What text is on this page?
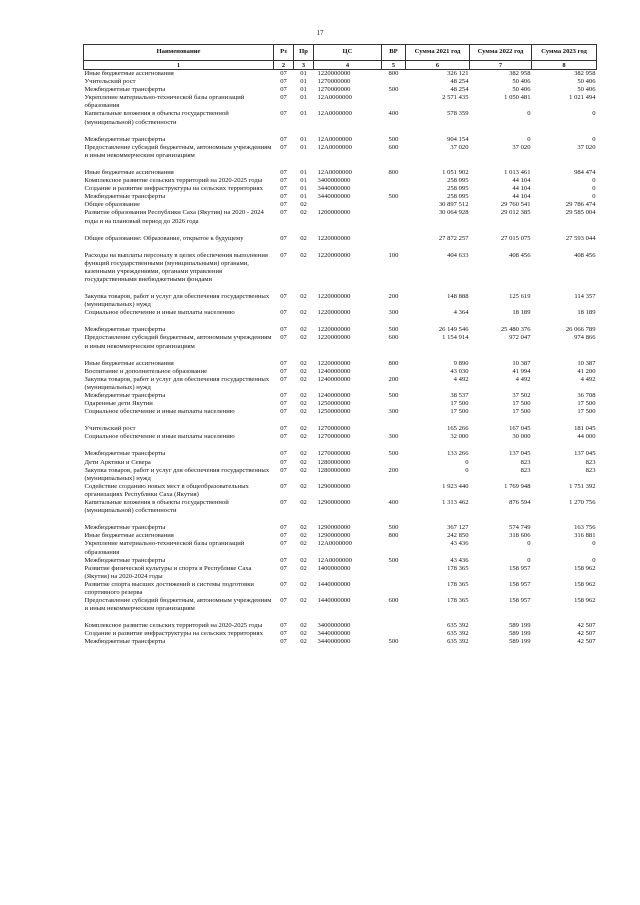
17
Наименование	Рз	Пр	ЦС	ВР	Сумма 2021 год	Сумма 2022 год	Сумма 2023 год
1	2	3	4	5	6	7	8
Иные бюджетные ассигнования	07	01	1220000000	800	326 121	382 958	382 958
Учительский рост	07	01	1270000000		48 254	50 406	50 406
Межбюджетные трансферты	07	01	1270000000	500	48 254	50 406	50 406
Укрепление материально-технической базы организаций образования	07	01	12А0000000		2 571 435	1 050 481	1 021 494
Капитальные вложения в объекты государственной (муниципальной) собственности	07	01	12А0000000	400	578 359	0	0

Межбюджетные трансферты	07	01	12А0000000	500	904 154	0	0
Предоставление субсидий бюджетным, автономным учреждениям и иным некоммерческим организациям	07	01	12А0000000	600	37 020	37 020	37 020

Иные бюджетные ассигнования	07	01	12А0000000	800	1 051 902	1 013 461	984 474
Комплексное развитие сельских территорий на 2020-2025 годы	07	01	3400000000		258 095	44 104	0
Создание и развитие инфраструктуры на сельских территориях	07	01	3440000000		258 095	44 104	0
Межбюджетные трансферты	07	01	3440000000	500	258 095	44 104	0
Общее образование	07	02			30 897 512	29 760 541	29 786 474
Развитие образования Республики Саха (Якутия) на 2020 - 2024 годы и на плановый период до 2026 года	07	02	1200000000		30 064 928	29 012 385	29 585 004

Общее образование: Образование, открытое к будущему	07	02	1220000000		27 872 257	27 015 075	27 593 044

Расходы на выплаты персоналу в целях обеспечения выполнения функций государственными (муниципальными) органами, казенными учреждениями, органами управления государственными внебюджетными фондами	07	02	1220000000	100	404 633	408 456	408 456

Закупка товаров, работ и услуг для обеспечения государственных (муниципальных) нужд	07	02	1220000000	200	148 888	125 619	114 357
Социальное обеспечение и иные выплаты населению	07	02	1220000000	300	4 364	18 189	18 189

Межбюджетные трансферты	07	02	1220000000	500	26 149 546	25 480 376	26 066 789
Предоставление субсидий бюджетным, автономным учреждениям и иным некоммерческим организациям	07	02	1220000000	600	1 154 914	972 047	974 866

Иные бюджетные ассигнования	07	02	1220000000	800	9 890	10 387	10 387
Воспитание и дополнительное образование	07	02	1240000000		43 030	41 994	41 200
Закупка товаров, работ и услуг для обеспечения государственных (муниципальных) нужд	07	02	1240000000	200	4 492	4 492	4 492
Межбюджетные трансферты	07	02	1240000000	500	38 537	37 502	36 708
Одаренные дети Якутии	07	02	1250000000		17 500	17 500	17 500
Социальное обеспечение и иные выплаты населению	07	02	1250000000	300	17 500	17 500	17 500

Учительский рост	07	02	1270000000		165 266	167 045	181 045
Социальное обеспечение и иные выплаты населению	07	02	1270000000	300	32 000	30 000	44 000

Межбюджетные трансферты	07	02	1270000000	500	133 266	137 045	137 045
Дети Арктики и Севера	07	02	1280000000		0	823	823
Закупка товаров, работ и услуг для обеспечения государственных (муниципальных) нужд	07	02	1280000000	200	0	823	823
Содействие созданию новых мест в общеобразовательных организациях Республики Саха (Якутия)	07	02	1290000000		1 923 440	1 769 948	1 751 392
Капитальные вложения в объекты государственной (муниципальной) собственности	07	02	1290000000	400	1 313 462	876 594	1 270 756

Межбюджетные трансферты	07	02	1290000000	500	367 127	574 749	163 756
Иные бюджетные ассигнования	07	02	1290000000	800	242 850	318 606	316 881
Укрепление материально-технической базы организаций образования	07	02	12А0000000		43 436	0	0
Межбюджетные трансферты	07	02	12А0000000	500	43 436	0	0
Развитие физической культуры и спорта в Республике Саха (Якутия) на 2020-2024 годы	07	02	1400000000		178 365	158 957	158 962
Развитие спорта высших достижений и системы подготовки спортивного резерва	07	02	1440000000		178 365	158 957	158 962
Предоставление субсидий бюджетным, автономным учреждениям и иным некоммерческим организациям	07	02	1440000000	600	178 365	158 957	158 962

Комплексное развитие сельских территорий на 2020-2025 годы	07	02	3400000000		635 392	589 199	42 507
Создание и развитие инфраструктуры на сельских территориях	07	02	3440000000		635 392	589 199	42 507
Межбюджетные трансферты	07	02	3440000000	500	635 392	589 199	42 507
